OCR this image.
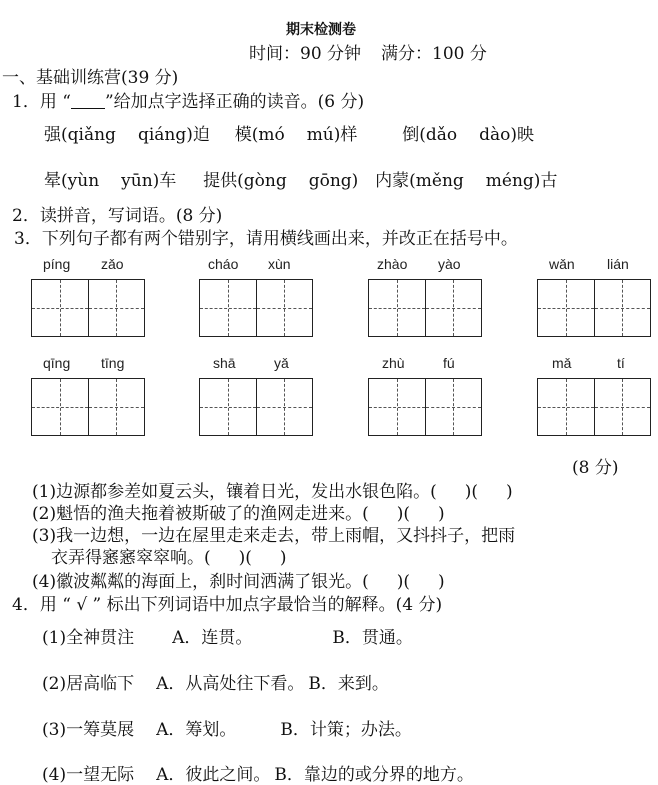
期末检测卷
时间：90 分钟 满分：100 分
一、基础训练营(39 分)
1．用 “ ”给加点字选择正确的读音。(6 分)
强(qiǎng qiáng)迫 模(mó mú)样	倒(dǎo dào)映
晕(yùn yūn)车 提供(gòng gōng) 内蒙(měng méng)古
2．读拼音，写词语。(8 分)
3．下列句子都有两个错别字，请用横线画出来，并改正在括号中。
píng zǎo	cháo xùn	zhào yào	wǎn lián
qīng tīng	shā	yǎ	zhù	fú	mǎ	tí
(8 分)
(1)边源都参差如夏云头，镶着日光，发出水银色陷。( )( )
(2)魁悟的渔夫拖着被斯破了的渔网走进来。( )( )
(3)我一边想，一边在屋里走来走去，带上雨帽，又抖抖子，把雨
衣弄得窸窸窣窣响。( )( )
(4)徽波粼粼的海面上，刹时间洒满了银光。( )( )
4．用 “ √ ” 标出下列词语中加点字最恰当的解释。(4 分)
(1)全神贯注 A．连贯。	B．贯通。
(2)居高临下 A．从高处往下看。 B．来到。
(3)一筹莫展 A．筹划。	B．计策；办法。
(4)一望无际 A．彼此之间。 B．靠边的或分界的地方。
